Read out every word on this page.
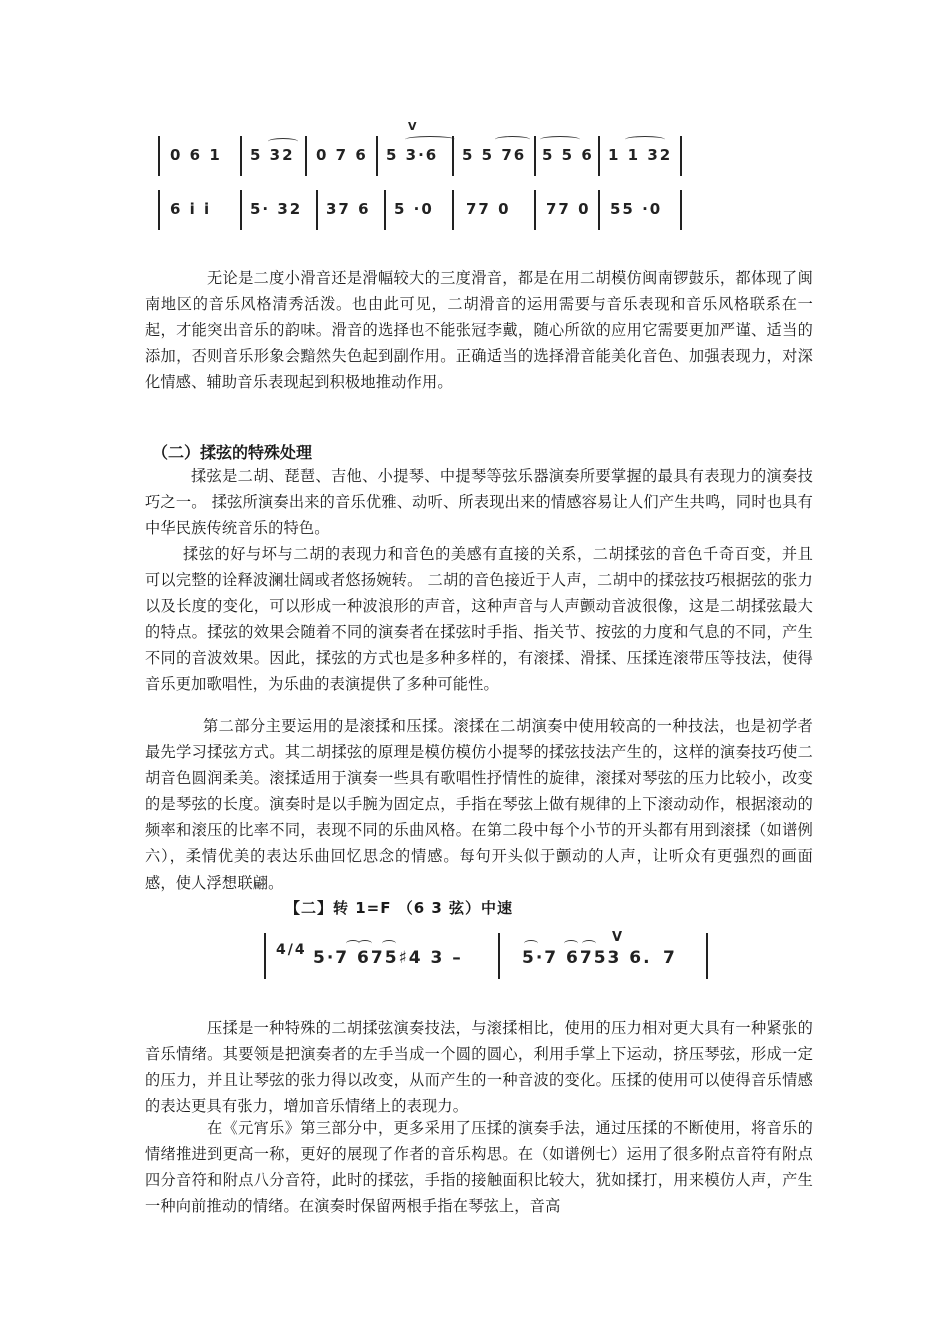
0 6 1 5 32 0 7 6 5 3·6 5 5 76 5 5 6 1 1 32
V
6 i i	5· 32 37 6 5 ·0 77 0 77 0 55 ·0

无论是二度小滑音还是滑幅较大的三度滑音，都是在用二胡模仿闽南锣鼓乐，都体现了闽南地区的音乐风格清秀活泼。也由此可见，二胡滑音的运用需要与音乐表现和音乐风格联系在一起，才能突出音乐的韵味。滑音的选择也不能张冠李戴，随心所欲的应用它需要更加严谨、适当的添加，否则音乐形象会黯然失色起到副作用。正确适当的选择滑音能美化音色、加强表现力，对深化情感、辅助音乐表现起到积极地推动作用。

（二）揉弦的特殊处理

揉弦是二胡、琵琶、吉他、小提琴、中提琴等弦乐器演奏所要掌握的最具有表现力的演奏技巧之一。 揉弦所演奏出来的音乐优雅、动听、所表现出来的情感容易让人们产生共鸣，同时也具有中华民族传统音乐的特色。

揉弦的好与坏与二胡的表现力和音色的美感有直接的关系，二胡揉弦的音色千奇百变，并且可以完整的诠释波澜壮阔或者悠扬婉转。 二胡的音色接近于人声，二胡中的揉弦技巧根据弦的张力以及长度的变化，可以形成一种波浪形的声音，这种声音与人声颤动音波很像，这是二胡揉弦最大的特点。揉弦的效果会随着不同的演奏者在揉弦时手指、指关节、按弦的力度和气息的不同，产生不同的音波效果。因此，揉弦的方式也是多种多样的，有滚揉、滑揉、压揉连滚带压等技法，使得音乐更加歌唱性，为乐曲的表演提供了多种可能性。

第二部分主要运用的是滚揉和压揉。滚揉在二胡演奏中使用较高的一种技法，也是初学者最先学习揉弦方式。其二胡揉弦的原理是模仿模仿小提琴的揉弦技法产生的，这样的演奏技巧使二胡音色圆润柔美。滚揉适用于演奏一些具有歌唱性抒情性的旋律，滚揉对琴弦的压力比较小，改变的是琴弦的长度。演奏时是以手腕为固定点，手指在琴弦上做有规律的上下滚动动作，根据滚动的频率和滚压的比率不同，表现不同的乐曲风格。在第二段中每个小节的开头都有用到滚揉（如谱例六），柔情优美的表达乐曲回忆思念的情感。每句开头似于颤动的人声，让听众有更强烈的画面感，使人浮想联翩。

【二】转 1=F （6 3 弦）中速
4/4 5·7 675♯4 3 –	5·7 6753 6. 7
V

压揉是一种特殊的二胡揉弦演奏技法，与滚揉相比，使用的压力相对更大具有一种紧张的音乐情绪。其要领是把演奏者的左手当成一个圆的圆心，利用手掌上下运动，挤压琴弦，形成一定的压力，并且让琴弦的张力得以改变，从而产生的一种音波的变化。压揉的使用可以使得音乐情感的表达更具有张力，增加音乐情绪上的表现力。

在《元宵乐》第三部分中，更多采用了压揉的演奏手法，通过压揉的不断使用，将音乐的情绪推进到更高一称，更好的展现了作者的音乐构思。在（如谱例七）运用了很多附点音符有附点四分音符和附点八分音符，此时的揉弦，手指的接触面积比较大，犹如揉打，用来模仿人声，产生一种向前推动的情绪。在演奏时保留两根手指在琴弦上，音高
